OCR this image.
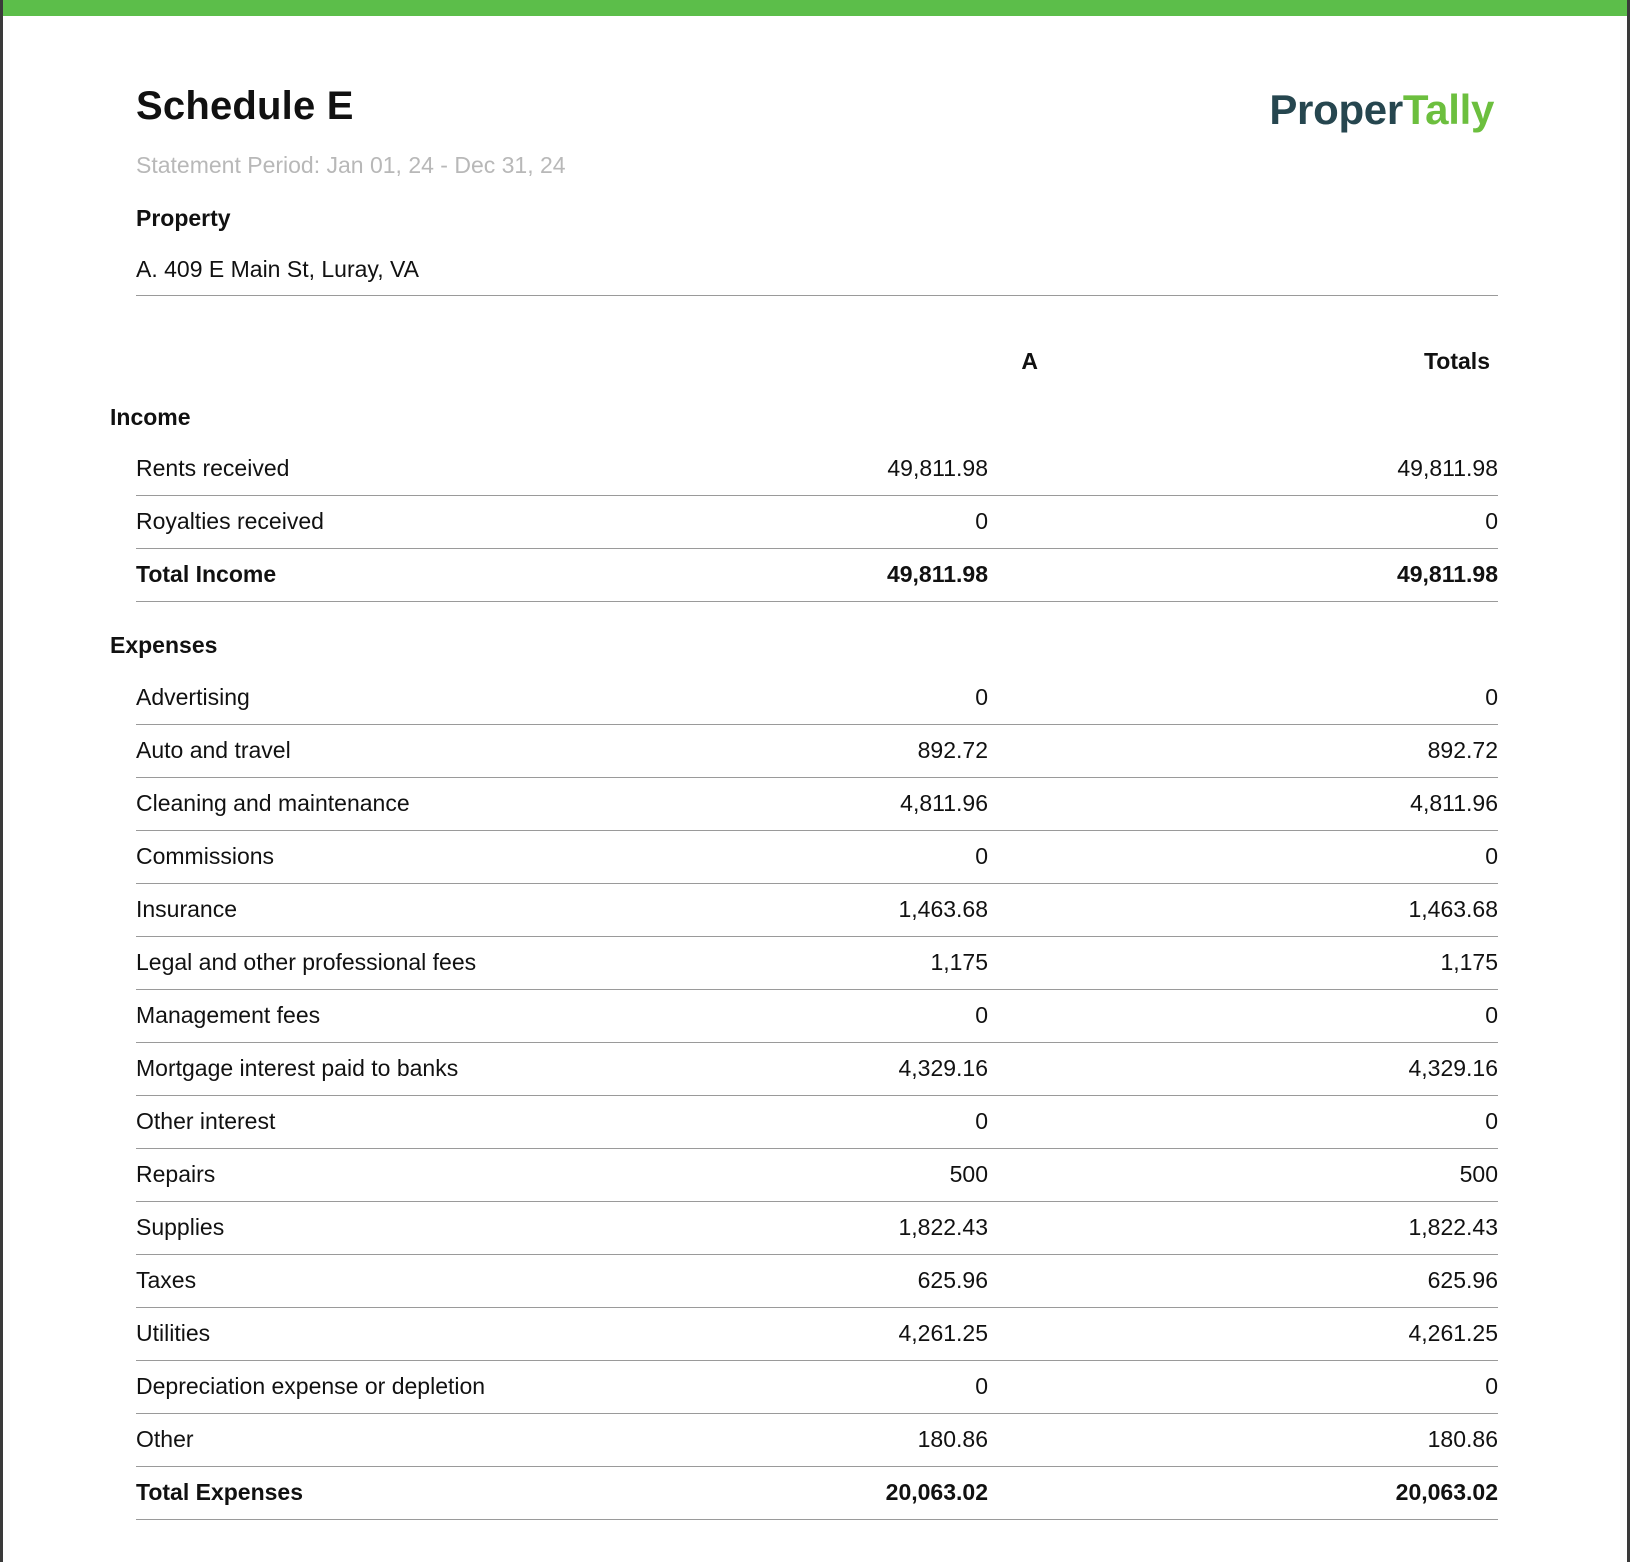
Schedule E	ProperTally
Statement Period: Jan 01, 24 - Dec 31, 24
Property
A. 409 E Main St, Luray, VA
A	Totals
Income
Rents received	49,811.98	49,811.98
Royalties received	0	0
Total Income	49,811.98	49,811.98
Expenses
Advertising	0	0
Auto and travel	892.72	892.72
Cleaning and maintenance	4,811.96	4,811.96
Commissions	0	0
Insurance	1,463.68	1,463.68
Legal and other professional fees	1,175	1,175
Management fees	0	0
Mortgage interest paid to banks	4,329.16	4,329.16
Other interest	0	0
Repairs	500	500
Supplies	1,822.43	1,822.43
Taxes	625.96	625.96
Utilities	4,261.25	4,261.25
Depreciation expense or depletion	0	0
Other	180.86	180.86
Total Expenses	20,063.02	20,063.02
